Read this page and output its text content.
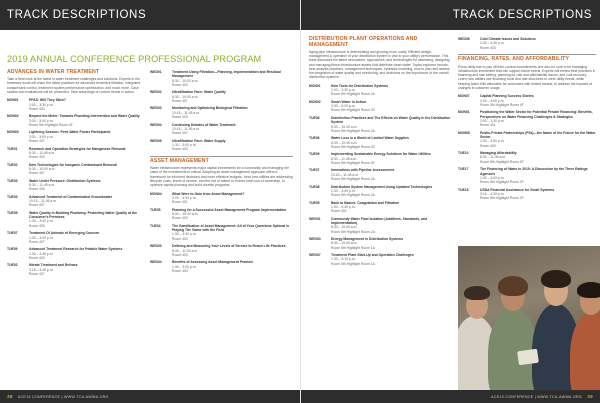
TRACK DESCRIPTIONS
2019 ANNUAL CONFERENCE PROFESSIONAL PROGRAM
ADVANCES IN WATER TREATMENT
Take a fresh look at the latest in water treatment challenges and solutions. Experts in the treatment world will share the latest practices for advanced treatment filtration, integrated contaminant control, treatment system performance optimization, and much more. Case studies and evaluations will be presented. Take advantage of current trends in action.
MON01	PFAS: Will They Stick?
2:00 – 3:30 p.m.
Room 403
MON02	Beyond the Meter: Towards Plumbing Intervention and Water Quality
3:30 – 5:00 p.m.
Room 5th Highlight Room 4F
MON03	Lightning Session: Peek Water Poster Participants
3:30 – 5:00 p.m.
Room 407
TUE01	Research and Operation Strategies for Manganese Removal
8:30 – 11:45 a.m.
Room 403
TUE02	New Technologies for Inorganic Contaminant Removal
8:30 – 10:00 a.m.
Room 407
TUE03	Water Under Pressure: Distribution Systems
8:30 – 11:45 a.m.
Room 405
TUE03	Advanced Treatment of Contaminated Groundwater
10:15 – 11:45 a.m.
Room 407
TUE05	Water Quality in Building Plumbing: Protecting Water Quality at the Consumer's Premises
1:30 – 3:00 p.m.
Room 403
TUE07	Treatment Of Animals of Emerging Concern
1:30 – 3:00 p.m.
Room 407
TUE09	Advanced Treatment Research for Potable Water Systems
1:30 – 4:45 p.m.
Room 403
TUE02	Nitrate Treatment and Release
3:15 – 4:45 p.m.
Room 407
WED01	Treatment Using Filtration—Planning, Implementation and Residual Management
8:30 – 10:00 a.m.
Room 403
WED02	Ultrafiltration Face: Water Quality
8:30 – 10:00 a.m.
Room 407
WED03	Monitoring and Optimizing Biological Filtration
10:15 – 11:45 a.m.
Room 403
WED04	Continuing Debates of Water Treatment
10:15 – 11:45 a.m.
Room 407
WED05	Ultrafiltration Face: Water Supply
1:30 – 3:00 p.m.
Room 403
ASSET MANAGEMENT
Water infrastructure represents major capital investments for a community and managing the value of the investments is critical. Adopting an asset management approach offers a framework for informed decisions and more effective budgets. Hear how utilities are addressing lifecycle costs, levels of service, and the risk of failure to reduce total cost of ownership, to optimize capital planning and build durable programs.
MON04	What Were to Gain from Asset Management?
2:00 – 4:00 p.m.
Room 401
TUE05	Planning for a Successful Asset Management Program Implementation
8:30 – 10:00 a.m.
Room 403
TUE34	The Gamification of Asset Management: All of Your Questions Optimal Is Playing The Game with the Field
1:30 – 3:30 p.m.
Room 403
WED03	Defining and Measuring Your Levels of Service to Reach Life Practices
8:30 – 11:00 a.m.
Room 403
WED04	Benefits of Assessing Asset Management Practice
1:30 – 3:00 p.m.
Room 403
38 ACE19 CONFERENCE | WWW.TCA-AWWA.ORG
TRACK DESCRIPTIONS
DISTRIBUTION PLANT OPERATIONS AND MANAGEMENT
Aging pipe infrastructure is deteriorating and growing more costly. Efficient design, management & operation of your distribution system is vital to your utility's performance. This track discusses the latest innovations, approaches, and technologies for assessing, designing, and managing these infrastructure assets that distribute clean water. Topics explored include: best analysis practices, management techniques, hydraulic modeling, how to plan and assess the integration of water quality and monitoring, and decisions on the importance of the overall distribution systems.
MON01	New Tools for Distribution Systems
2:00 – 3:30 p.m.
Room 5th Highlight Room 2A
MON02	Smart Water in Action
3:30 – 5:00 p.m.
Room 5th Highlight Room 2C
TUE06	Disinfection Practices and The Effects on Water Quality in the Distribution System
8:30 – 10:45 a.m.
Room 5th Highlight Room 2A
TUE06	Water Loss in a World of Limited Water Supplies
8:30 – 10:45 a.m.
Room 5th Highlight Room 2C
TUE09	Implementing Sustainable Energy Solutions for Water Utilities
8:30 – 11:45 a.m.
Room 5th Highlight Room 4F
TUE07	Innovations with Pipeline Assessments
10:15 – 11:45 a.m.
Room 5th Highlight Room 2A
TUE08	Distribution System Management Using Updated Technologies
1:30 – 4:45 p.m.
Room 5th Highlight Room 2A
TUE05	Back to Basics: Coagulation and Filtration
1:30 – 4:30 p.m.
Room 402
WED01	Community Water Flow Isolation (Additives, Standards, and Implementation)
8:30 – 10:00 a.m.
Room 5th Highlight Room 2A
WED03	Energy Management in Distribution Systems
8:30 – 10:00 a.m.
Room 5th Highlight Room 1A
WED07	Treatment Plant Start-Up and Operation Challenges
1:30 – 3:15 p.m.
Room 5th Highlight Room 1A
WED08	Cold Climate Issues and Solutions
1:30 – 4:30 p.m.
Room 403
FINANCING, RATES, AND AFFORDABILITY
Every utility has to pay off their current commitments and also be sure to be managing infrastructure investment that can support future needs. Experts will review best practices in financing and rate setting, planning for rate and affordability issues, and cost recovery. Learn how utilities use financing tools and rate structures to meet utility needs, while keeping water bills affordable for customers with limited means, to address the impacts of changes in customer usage.
MON07	Capital Planning Success Stories
2:00 – 4:00 p.m.
Room 5th Highlight Room 4F
MON01	Positioning the Water Sector for Potential Private Financing: Benefits, Perspectives on Water Financing Challenges & Strategies
2:00 – 3:30 p.m.
Room 401
MON08	Public-Private Partnerships (P3s)—the Name of the Future for the Water Sector
1:30 – 3:00 p.m.
Room 403
TUE10	Managing Affordability
8:30 – 11:45 a.m.
Room 5th Highlight Room 2F
TUE17	The Financing of Water in 2019: A Discussion by the Three Ratings Agencies
1:30 – 3:00 p.m.
Room 5th Highlight Room 2F
TUE18	USDA Financial Assistance for Small Systems
3:15 – 4:30 p.m.
Room 5th Highlight Room 2F
ACE19 CONFERENCE | WWW.TCA-AWWA.ORG 39
